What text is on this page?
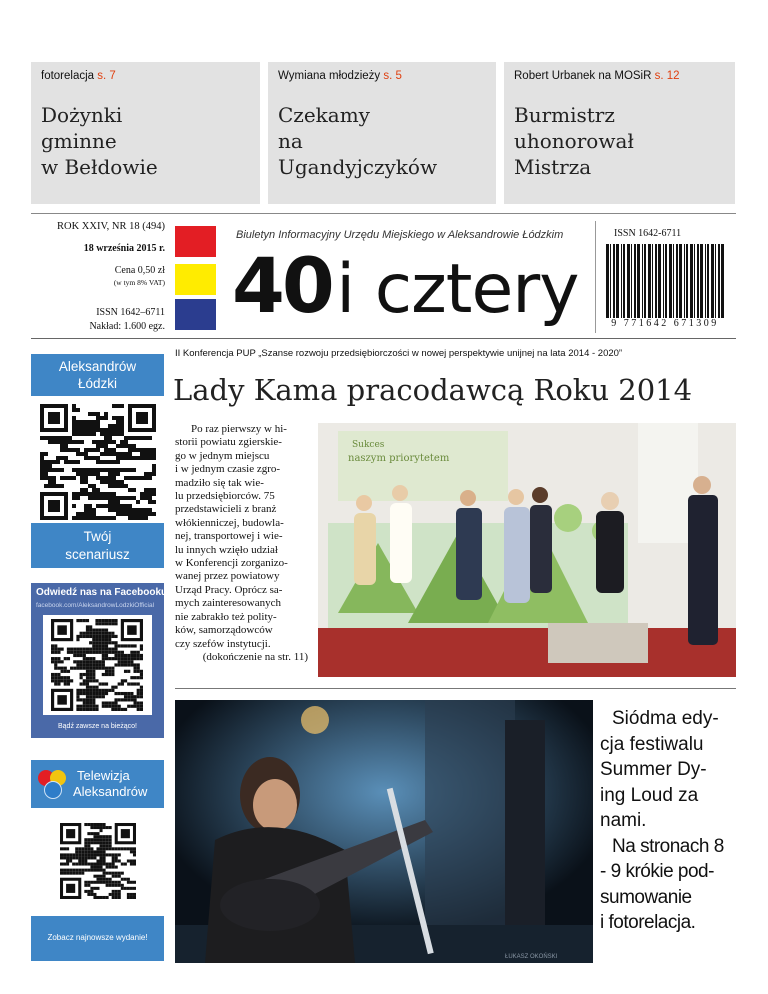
fotorelacja s. 7
Dożynki
gminne
w Bełdowie
Wymiana młodzieży s. 5
Czekamy
na
Ugandyjczyków
Robert Urbanek na MOSiR s. 12
Burmistrz
uhonorował
Mistrza
ROK XXIV, NR 18 (494)
18 września 2015 r.
Cena 0,50 zł
(w tym 8% VAT)
ISSN 1642–6711
Nakład: 1.600 egz.
Biuletyn Informacyjny Urzędu Miejskiego w Aleksandrowie Łódzkim
40 i cztery
ISSN 1642-6711
9 771642 671309
Aleksandrów
Łódzki
Twój
scenariusz
Odwiedź nas na Facebooku!
facebook.com/AleksandrowLodzkiOfficial
Bądź zawsze na bieżąco!
Telewizja
Aleksandrów
Zobacz najnowsze wydanie!
II Konferencja PUP „Szanse rozwoju przedsiębiorczości w nowej perspektywie unijnej na lata 2014 - 2020”
Lady Kama pracodawcą Roku 2014
Po raz pierwszy w hi-
storii powiatu zgierskie-
go w jednym miejscu
i w jednym czasie zgro-
madziło się tak wie-
lu przedsiębiorców. 75
przedstawicieli z branż
włókienniczej, budowla-
nej, transportowej i wie-
lu innych wzięło udział
w Konferencji zorganizo-
wanej przez powiatowy
Urząd Pracy. Oprócz sa-
mych zainteresowanych
nie zabrakło też polity-
ków, samorządowców
czy szefów instytucji.
(dokończenie na str. 11)
Sukces
naszym priorytetem
ŁUKASZ OKOŃSKI
Siódma edy-
cja festiwalu
Summer Dy-
ing Loud za
nami.
Na stronach 8
- 9 krókie pod-
sumowanie
i fotorelacja.
